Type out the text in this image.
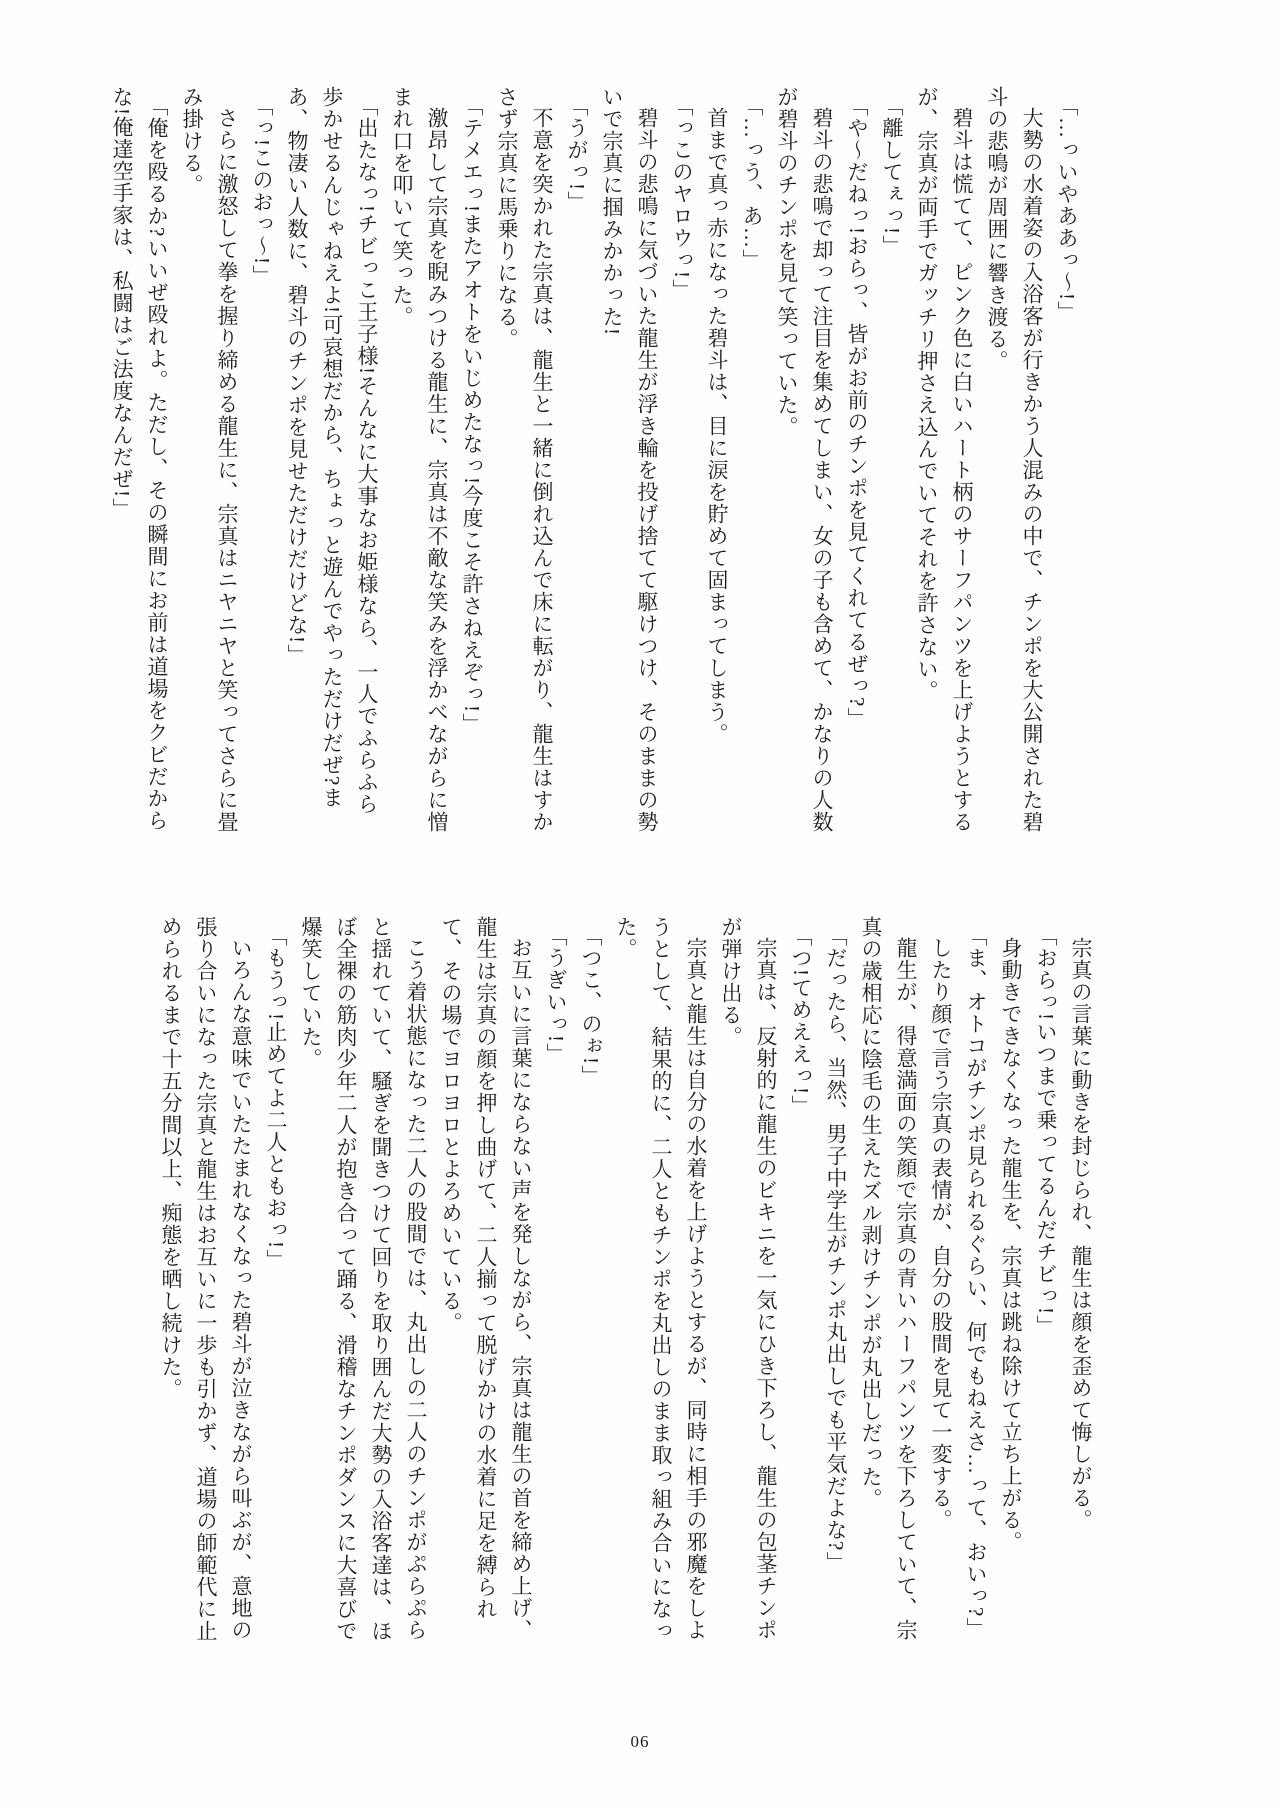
「…っいやああっ〜!」

大勢の水着姿の入浴客が行きかう人混みの中で、チンポを大公開された碧斗の悲鳴が周囲に響き渡る。

碧斗は慌てて、ピンク色に白いハート柄のサーフパンツを上げようとするが、宗真が両手でガッチリ押さえ込んでいてそれを許さない。

「離してぇっ!」

「や〜だねっ!おらっ、皆がお前のチンポを見てくれてるぜっ?」

碧斗の悲鳴で却って注目を集めてしまい、女の子も含めて、かなりの人数が碧斗のチンポを見て笑っていた。

「…っう、あ…」

首まで真っ赤になった碧斗は、目に涙を貯めて固まってしまう。

「っこのヤロウっ!」

碧斗の悲鳴に気づいた龍生が浮き輪を投げ捨てて駆けつけ、そのままの勢いで宗真に掴みかかった!

「うがっ!」

不意を突かれた宗真は、龍生と一緒に倒れ込んで床に転がり、龍生はすかさず宗真に馬乗りになる。

「テメエっ!またアオトをいじめたなっ!今度こそ許さねえぞっ!」

激昂して宗真を睨みつける龍生に、宗真は不敵な笑みを浮かべながらに憎まれ口を叩いて笑った。

「出たなっ!チビっこ王子様!そんなに大事なお姫様なら、一人でふらふら歩かせるんじゃねえよ!可哀想だから、ちょっと遊んでやっただけだぜ?まあ、物凄い人数に、碧斗のチンポを見せただけだけどな!」

「っ!このおっ〜!」

さらに激怒して拳を握り締める龍生に、宗真はニヤニヤと笑ってさらに畳み掛ける。

「俺を殴るか?いいぜ殴れよ。ただし、その瞬間にお前は道場をクビだからな!俺達空手家は、私闘はご法度なんだぜ!」

宗真の言葉に動きを封じられ、龍生は顔を歪めて悔しがる。

「おらっ!いつまで乗ってるんだチビっ!」

身動きできなくなった龍生を、宗真は跳ね除けて立ち上がる。

「ま、オトコがチンポ見られるぐらい、何でもねえさ…って、おいっ?」

したり顔で言う宗真の表情が、自分の股間を見て一変する。

龍生が、得意満面の笑顔で宗真の青いハーフパンツを下ろしていて、宗真の歳相応に陰毛の生えたズル剥けチンポが丸出しだった。

「だったら、当然、男子中学生がチンポ丸出しでも平気だよな?」

「つ!てめええっ!」

宗真は、反射的に龍生のビキニを一気にひき下ろし、龍生の包茎チンポが弾け出る。

宗真と龍生は自分の水着を上げようとするが、同時に相手の邪魔をしようとして、結果的に、二人ともチンポを丸出しのまま取っ組み合いになった。

「つこ、のぉ!」

「うぎいっ!」

お互いに言葉にならない声を発しながら、宗真は龍生の首を締め上げ、龍生は宗真の顔を押し曲げて、二人揃って脱げかけの水着に足を縛られて、その場でヨロヨロとよろめいている。

こう着状態になった二人の股間では、丸出しの二人のチンポがぷらぷらと揺れていて、騒ぎを聞きつけて回りを取り囲んだ大勢の入浴客達は、ほぼ全裸の筋肉少年二人が抱き合って踊る、滑稽なチンポダンスに大喜びで爆笑していた。

「もうっ!止めてよ二人ともおっ!」

いろんな意味でいたたまれなくなった碧斗が泣きながら叫ぶが、意地の張り合いになった宗真と龍生はお互いに一歩も引かず、道場の師範代に止められるまで十五分間以上、痴態を晒し続けた。

06
